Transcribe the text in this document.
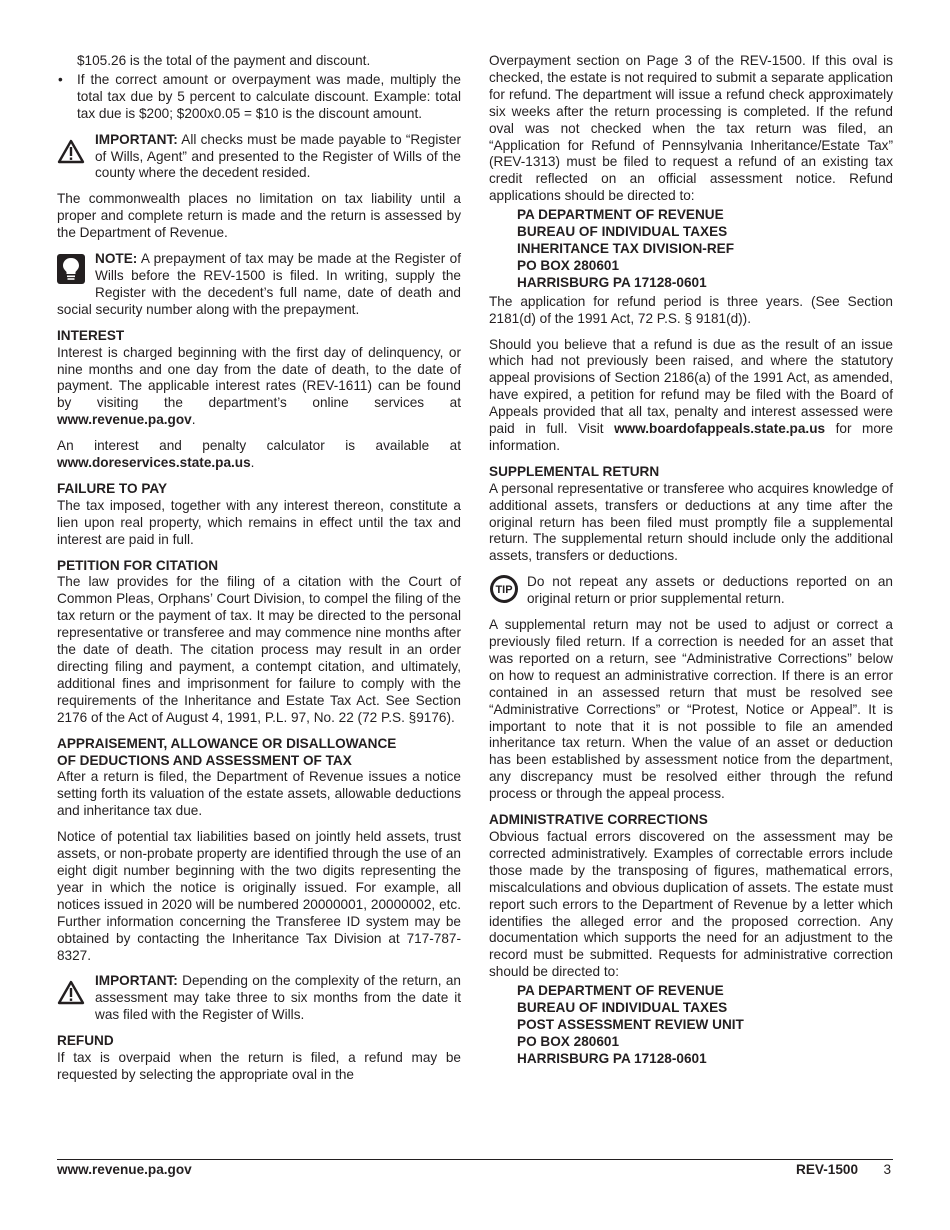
$105.26 is the total of the payment and discount.

• If the correct amount or overpayment was made, multiply the total tax due by 5 percent to calculate discount. Example: total tax due is $200; $200x0.05 = $10 is the discount amount.

IMPORTANT: All checks must be made payable to “Register of Wills, Agent” and presented to the Register of Wills of the county where the decedent resided.

The commonwealth places no limitation on tax liability until a proper and complete return is made and the return is assessed by the Department of Revenue.

NOTE: A prepayment of tax may be made at the Register of Wills before the REV-1500 is filed. In writing, supply the Register with the decedent’s full name, date of death and social security number along with the prepayment.

INTEREST

Interest is charged beginning with the first day of delinquency, or nine months and one day from the date of death, to the date of payment. The applicable interest rates (REV-1611) can be found by visiting the department’s online services at www.revenue.pa.gov.

An interest and penalty calculator is available at www.doreservices.state.pa.us.

FAILURE TO PAY

The tax imposed, together with any interest thereon, constitute a lien upon real property, which remains in effect until the tax and interest are paid in full.

PETITION FOR CITATION

The law provides for the filing of a citation with the Court of Common Pleas, Orphans’ Court Division, to compel the filing of the tax return or the payment of tax. It may be directed to the personal representative or transferee and may commence nine months after the date of death. The citation process may result in an order directing filing and payment, a contempt citation, and ultimately, additional fines and imprisonment for failure to comply with the requirements of the Inheritance and Estate Tax Act. See Section 2176 of the Act of August 4, 1991, P.L. 97, No. 22 (72 P.S. §9176).

APPRAISEMENT, ALLOWANCE OR DISALLOWANCE

OF DEDUCTIONS AND ASSESSMENT OF TAX

After a return is filed, the Department of Revenue issues a notice setting forth its valuation of the estate assets, allowable deductions and inheritance tax due.

Notice of potential tax liabilities based on jointly held assets, trust assets, or non-probate property are identified through the use of an eight digit number beginning with the two digits representing the year in which the notice is originally issued. For example, all notices issued in 2020 will be numbered 20000001, 20000002, etc. Further information concerning the Transferee ID system may be obtained by contacting the Inheritance Tax Division at 717-787-8327.

IMPORTANT: Depending on the complexity of the return, an assessment may take three to six months from the date it was filed with the Register of Wills.

REFUND

If tax is overpaid when the return is filed, a refund may be requested by selecting the appropriate oval in the

Overpayment section on Page 3 of the REV-1500. If this oval is checked, the estate is not required to submit a separate application for refund. The department will issue a refund check approximately six weeks after the return processing is completed. If the refund oval was not checked when the tax return was filed, an “Application for Refund of Pennsylvania Inheritance/Estate Tax” (REV-1313) must be filed to request a refund of an existing tax credit reflected on an official assessment notice. Refund applications should be directed to:

PA DEPARTMENT OF REVENUE
BUREAU OF INDIVIDUAL TAXES
INHERITANCE TAX DIVISION-REF
PO BOX 280601
HARRISBURG PA 17128-0601

The application for refund period is three years. (See Section 2181(d) of the 1991 Act, 72 P.S. § 9181(d)).

Should you believe that a refund is due as the result of an issue which had not previously been raised, and where the statutory appeal provisions of Section 2186(a) of the 1991 Act, as amended, have expired, a petition for refund may be filed with the Board of Appeals provided that all tax, penalty and interest assessed were paid in full. Visit www.boardofappeals.state.pa.us for more information.

SUPPLEMENTAL RETURN

A personal representative or transferee who acquires knowledge of additional assets, transfers or deductions at any time after the original return has been filed must promptly file a supplemental return. The supplemental return should include only the additional assets, transfers or deductions.

TIP
Do not repeat any assets or deductions reported on an original return or prior supplemental return.

A supplemental return may not be used to adjust or correct a previously filed return. If a correction is needed for an asset that was reported on a return, see “Administrative Corrections” below on how to request an administrative correction. If there is an error contained in an assessed return that must be resolved see “Administrative Corrections” or “Protest, Notice or Appeal”. It is important to note that it is not possible to file an amended inheritance tax return. When the value of an asset or deduction has been established by assessment notice from the department, any discrepancy must be resolved either through the refund process or through the appeal process.

ADMINISTRATIVE CORRECTIONS

Obvious factual errors discovered on the assessment may be corrected administratively. Examples of correctable errors include those made by the transposing of figures, mathematical errors, miscalculations and obvious duplication of assets. The estate must report such errors to the Department of Revenue by a letter which identifies the alleged error and the proposed correction. Any documentation which supports the need for an adjustment to the record must be submitted. Requests for administrative correction should be directed to:

PA DEPARTMENT OF REVENUE
BUREAU OF INDIVIDUAL TAXES
POST ASSESSMENT REVIEW UNIT
PO BOX 280601
HARRISBURG PA 17128-0601
www.revenue.pa.gov	REV-1500 3
